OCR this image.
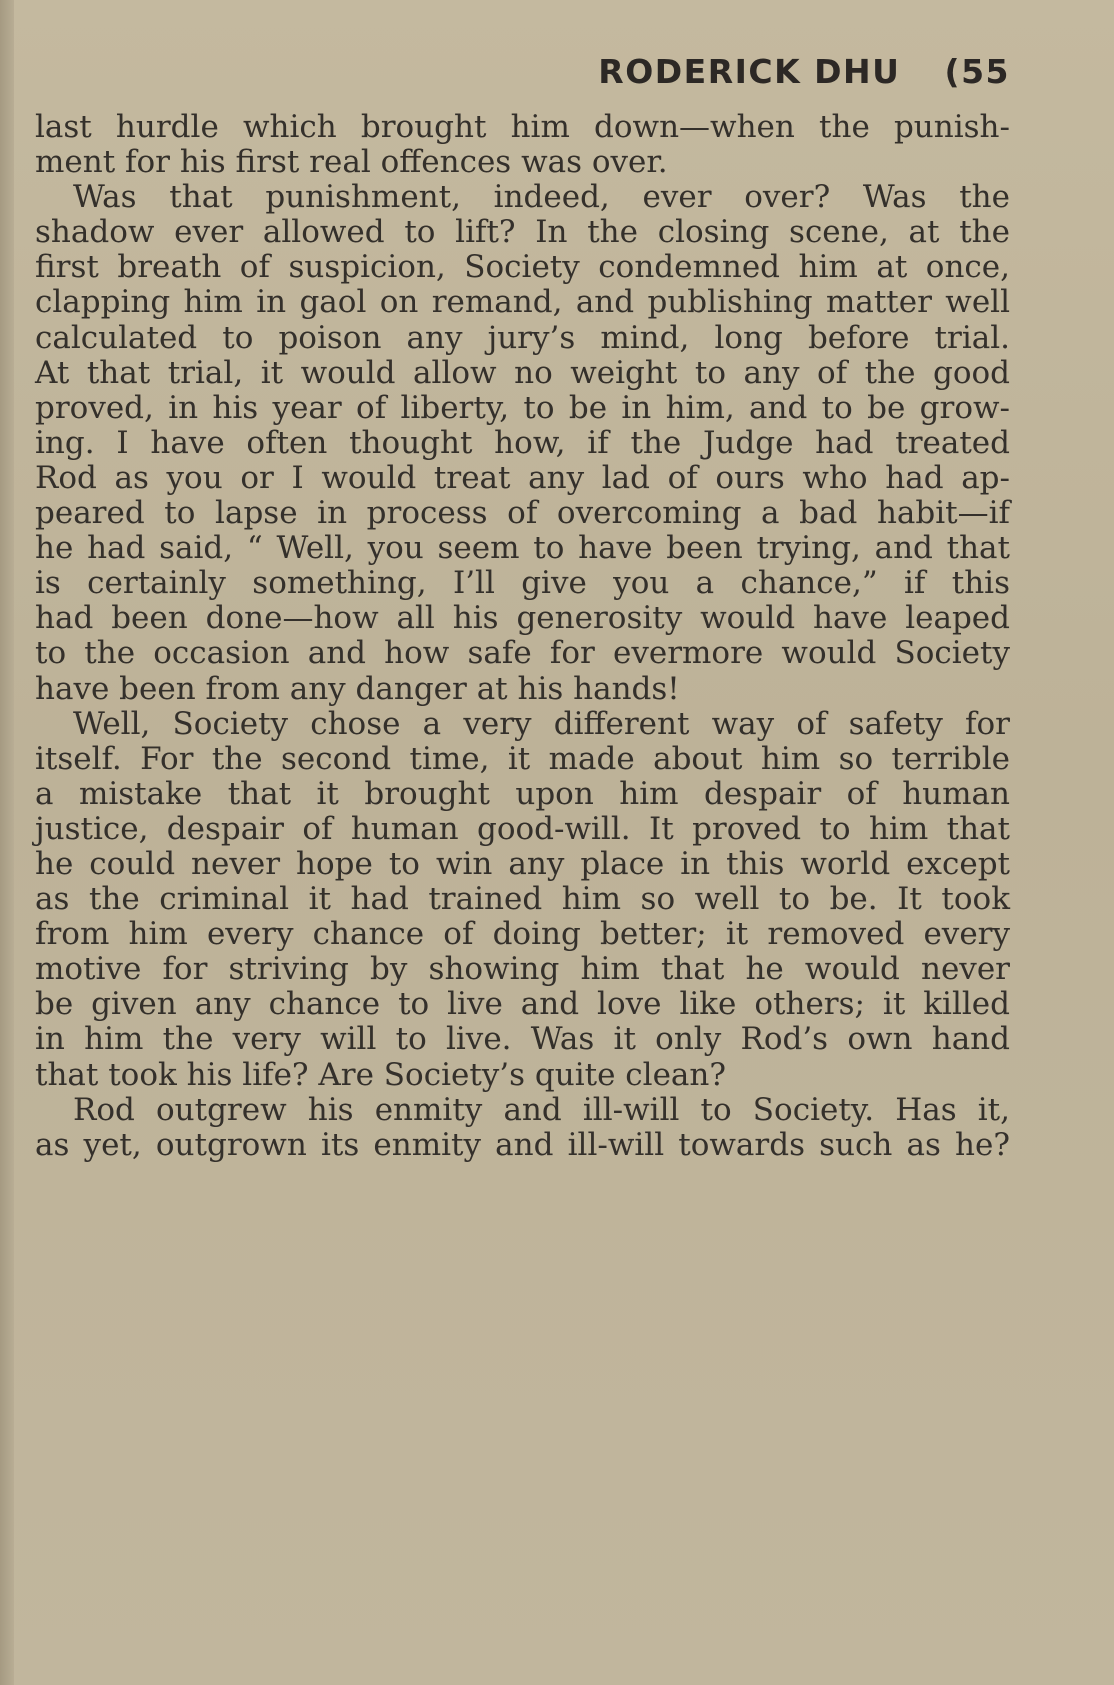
RODERICK DHU (55
last hurdle which brought him down—when the punish-
ment for his first real offences was over.
Was that punishment, indeed, ever over? Was the
shadow ever allowed to lift? In the closing scene, at the
first breath of suspicion, Society condemned him at once,
clapping him in gaol on remand, and publishing matter well
calculated to poison any jury’s mind, long before trial.
At that trial, it would allow no weight to any of the good
proved, in his year of liberty, to be in him, and to be grow-
ing. I have often thought how, if the Judge had treated
Rod as you or I would treat any lad of ours who had ap-
peared to lapse in process of overcoming a bad habit—if
he had said, “ Well, you seem to have been trying, and that
is certainly something, I’ll give you a chance,” if this
had been done—how all his generosity would have leaped
to the occasion and how safe for evermore would Society
have been from any danger at his hands!
Well, Society chose a very different way of safety for
itself. For the second time, it made about him so terrible
a mistake that it brought upon him despair of human
justice, despair of human good-will. It proved to him that
he could never hope to win any place in this world except
as the criminal it had trained him so well to be. It took
from him every chance of doing better; it removed every
motive for striving by showing him that he would never
be given any chance to live and love like others; it killed
in him the very will to live. Was it only Rod’s own hand
that took his life? Are Society’s quite clean?
Rod outgrew his enmity and ill-will to Society. Has it,
as yet, outgrown its enmity and ill-will towards such as he?
